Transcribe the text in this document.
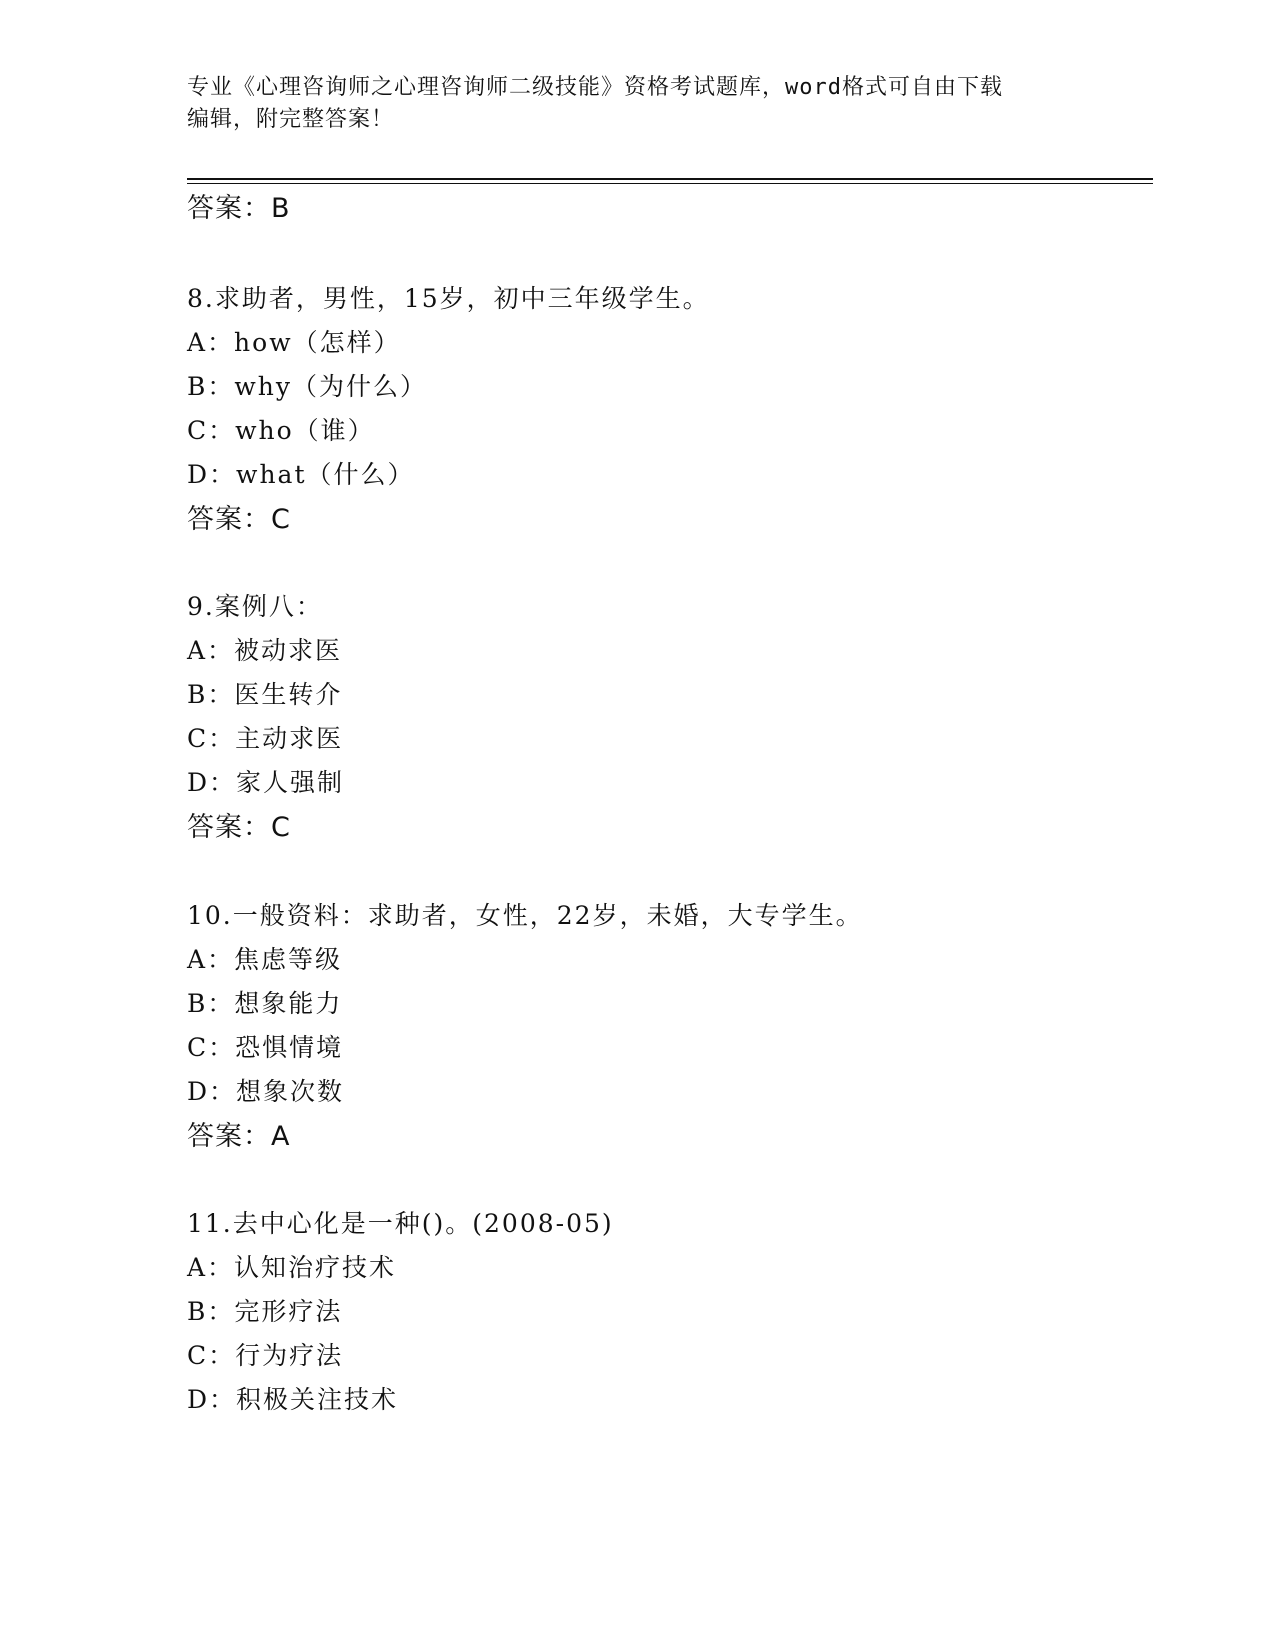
专业《心理咨询师之心理咨询师二级技能》资格考试题库，word格式可自由下载
编辑，附完整答案！
答案：B
8.求助者，男性，15岁，初中三年级学生。
A：how（怎样）
B：why（为什么）
C：who（谁）
D：what（什么）
答案：C
9.案例八：
A：被动求医
B：医生转介
C：主动求医
D：家人强制
答案：C
10.一般资料：求助者，女性，22岁，未婚，大专学生。
A：焦虑等级
B：想象能力
C：恐惧情境
D：想象次数
答案：A
11.去中心化是一种()。(2008-05)
A：认知治疗技术
B：完形疗法
C：行为疗法
D：积极关注技术
